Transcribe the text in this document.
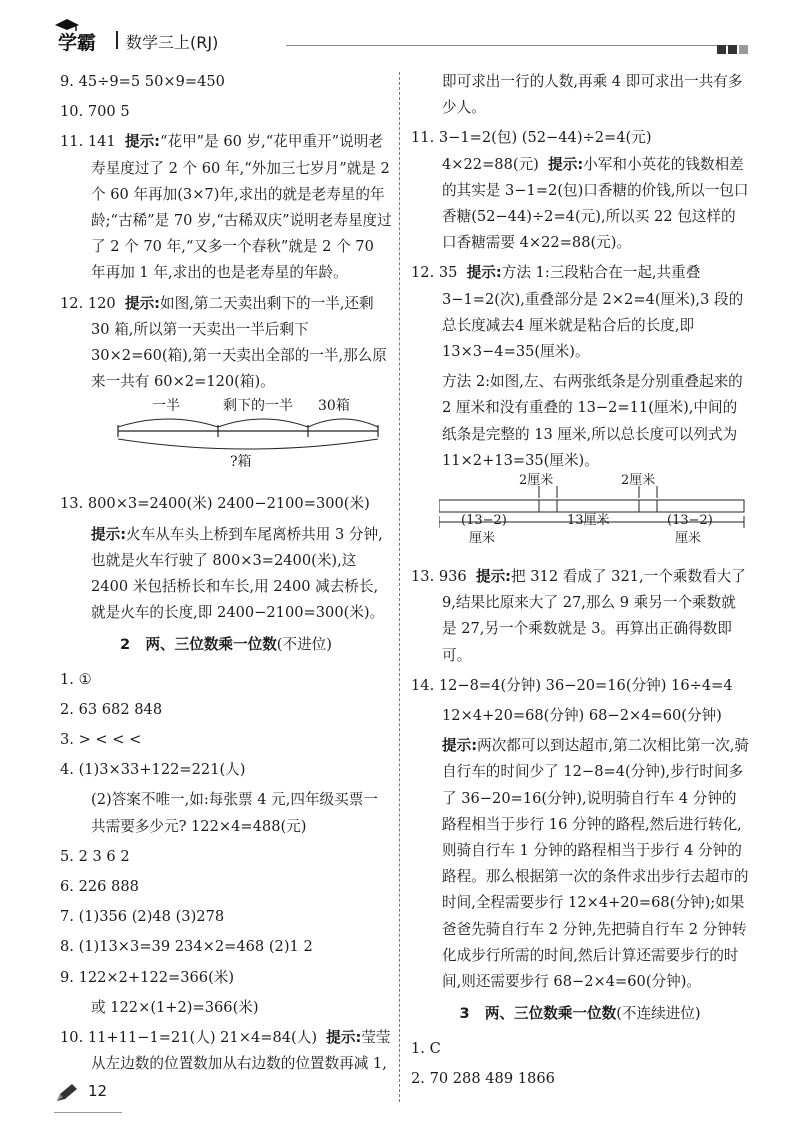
学霸 数学三上(RJ)

9. 45÷9=5 50×9=450

10. 700 5

11. 141 提示:“花甲”是 60 岁,“花甲重开”说明老寿星度过了 2 个 60 年,“外加三七岁月”就是 2 个 60 年再加(3×7)年,求出的就是老寿星的年龄;“古稀”是 70 岁,“古稀双庆”说明老寿星度过了 2 个 70 年,“又多一个春秋”就是 2 个 70 年再加 1 年,求出的也是老寿星的年龄。

12. 120 提示:如图,第二天卖出剩下的一半,还剩 30 箱,所以第一天卖出一半后剩下 30×2=60(箱),第一天卖出全部的一半,那么原来一共有 60×2=120(箱)。

一半	剩下的一半 30箱
?箱

13. 800×3=2400(米) 2400−2100=300(米)

提示:火车从车头上桥到车尾离桥共用 3 分钟,也就是火车行驶了 800×3=2400(米),这 2400 米包括桥长和车长,用 2400 减去桥长,就是火车的长度,即 2400−2100=300(米)。

2 两、三位数乘一位数(不进位)

1. ①

2. 63 682 848

3. > < < <

4. (1)3×33+122=221(人)

(2)答案不唯一,如:每张票 4 元,四年级买票一共需要多少元? 122×4=488(元)

5. 2 3 6 2

6. 226 888

7. (1)356 (2)48 (3)278

8. (1)13×3=39 234×2=468 (2)1 2

9. 122×2+122=366(米)

或 122×(1+2)=366(米)

10. 11+11−1=21(人) 21×4=84(人) 提示:莹莹从左边数的位置数加从右边数的位置数再减 1,

即可求出一行的人数,再乘 4 即可求出一共有多少人。

11. 3−1=2(包) (52−44)÷2=4(元) 4×22=88(元) 提示:小军和小英花的钱数相差的其实是 3−1=2(包)口香糖的价钱,所以一包口香糖(52−44)÷2=4(元),所以买 22 包这样的口香糖需要 4×22=88(元)。

12. 35 提示:方法 1:三段粘合在一起,共重叠 3−1=2(次),重叠部分是 2×2=4(厘米),3 段的总长度减去4 厘米就是粘合后的长度,即 13×3−4=35(厘米)。

方法 2:如图,左、右两张纸条是分别重叠起来的 2 厘米和没有重叠的 13−2=11(厘米),中间的纸条是完整的 13 厘米,所以总长度可以列式为 11×2+13=35(厘米)。

2厘米	2厘米
(13−2)
厘米
13厘米	(13−2)
厘米

13. 936 提示:把 312 看成了 321,一个乘数看大了 9,结果比原来大了 27,那么 9 乘另一个乘数就是 27,另一个乘数就是 3。再算出正确得数即可。

14. 12−8=4(分钟) 36−20=16(分钟) 16÷4=4

12×4+20=68(分钟) 68−2×4=60(分钟)

提示:两次都可以到达超市,第二次相比第一次,骑自行车的时间少了 12−8=4(分钟),步行时间多了 36−20=16(分钟),说明骑自行车 4 分钟的路程相当于步行 16 分钟的路程,然后进行转化,则骑自行车 1 分钟的路程相当于步行 4 分钟的路程。那么根据第一次的条件求出步行去超市的时间,全程需要步行 12×4+20=68(分钟);如果爸爸先骑自行车 2 分钟,先把骑自行车 2 分钟转化成步行所需的时间,然后计算还需要步行的时间,则还需要步行 68−2×4=60(分钟)。

3 两、三位数乘一位数(不连续进位)

1. C

2. 70 288 489 1866

12
